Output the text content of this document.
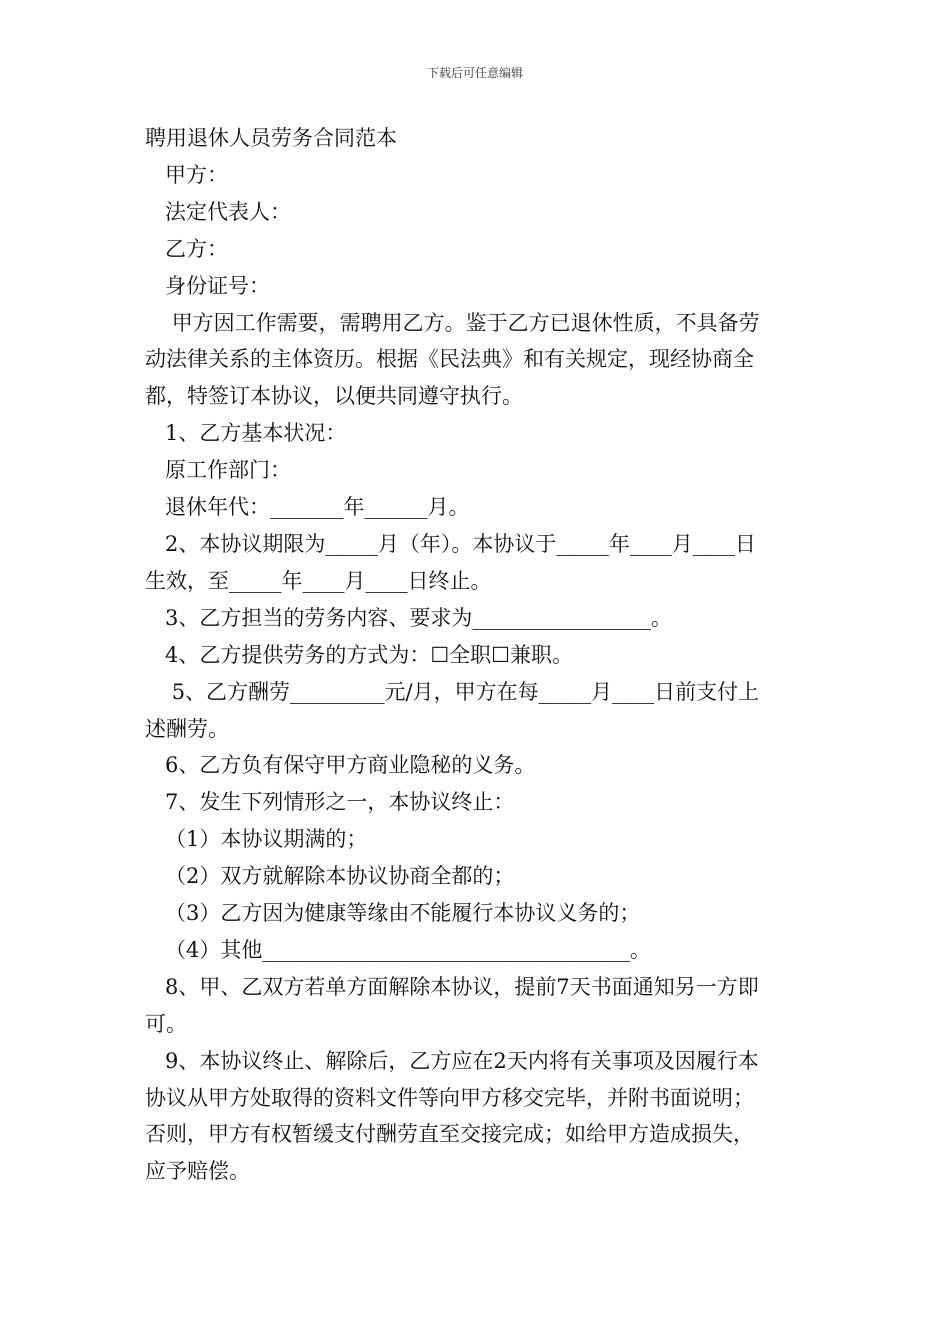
下载后可任意编辑

聘用退休人员劳务合同范本

甲方：

法定代表人：

乙方：

身份证号：

甲方因工作需要，需聘用乙方。鉴于乙方已退休性质，不具备劳

动法律关系的主体资历。根据《民法典》和有关规定，现经协商全

都，特签订本协议，以便共同遵守执行。

1、乙方基本状况：

原工作部门：

退休年代：_______年______月。

2、本协议期限为_____月（年）。本协议于_____年____月____日

生效，至_____年____月____日终止。

3、乙方担当的劳务内容、要求为_________________。

4、乙方提供劳务的方式为：☐全职☐兼职。

5、乙方酬劳_________元/月，甲方在每_____月____日前支付上

述酬劳。

6、乙方负有保守甲方商业隐秘的义务。

7、发生下列情形之一，本协议终止：

（1）本协议期满的；

（2）双方就解除本协议协商全都的；

（3）乙方因为健康等缘由不能履行本协议义务的；

（4）其他___________________________________。

8、甲、乙双方若单方面解除本协议，提前7天书面通知另一方即

可。

9、本协议终止、解除后，乙方应在2天内将有关事项及因履行本

协议从甲方处取得的资料文件等向甲方移交完毕，并附书面说明；

否则，甲方有权暂缓支付酬劳直至交接完成；如给甲方造成损失，

应予赔偿。
